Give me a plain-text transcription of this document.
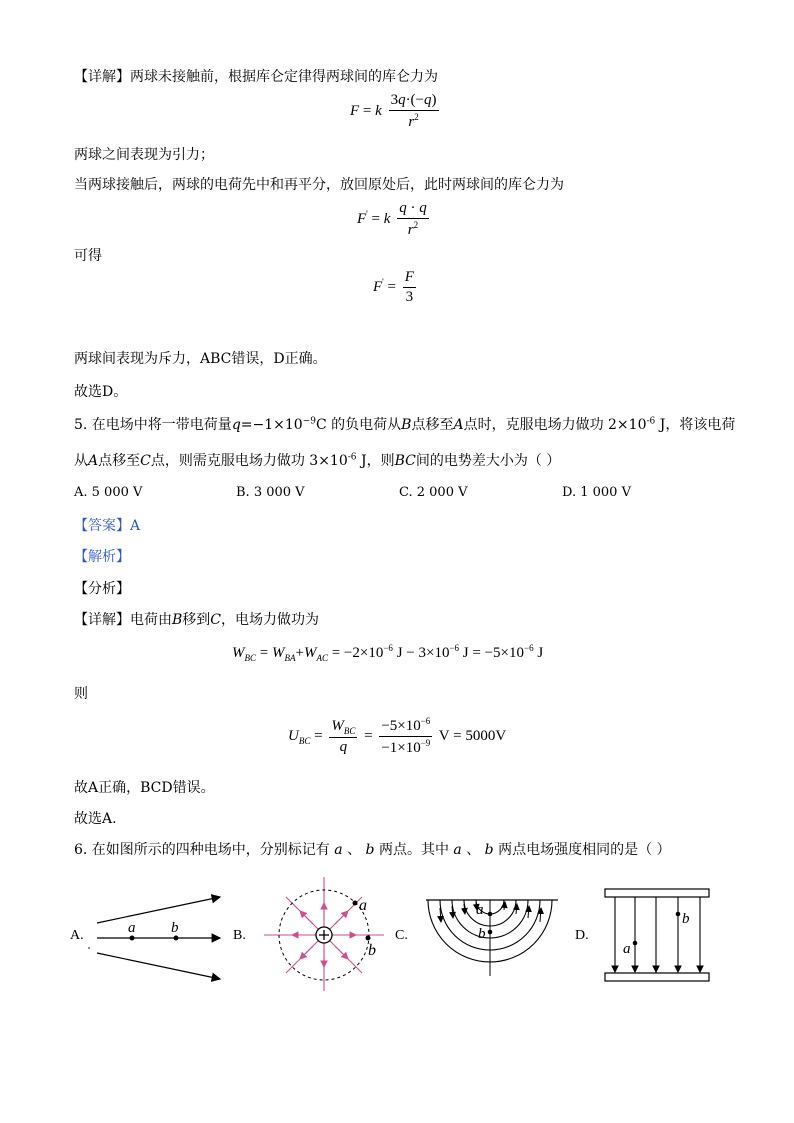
【详解】两球未接触前，根据库仑定律得两球间的库仑力为
F = k $\frac{3q\cdot(-q)}{r^2}$
两球之间表现为引力；
当两球接触后，两球的电荷先中和再平分，放回原处后，此时两球间的库仑力为
F' = k $\frac{q \cdot q}{r^2}$
可得
$F' = \frac{F}{3}$
两球间表现为斥力，ABC错误，D正确。
故选D。
5. 在电场中将一带电荷量$q=-1\times 10^{-9}C$ 的负电荷从B点移至A点时，克服电场力做功 $2\times 10^{-6}$ J，将该电荷
从A点移至C点，则需克服电场力做功 $3\times 10^{-6}$ J，则BC间的电势差大小为（ ）
A. 5 000 V	B. 3 000 V	C. 2 000 V	D. 1 000 V
【答案】A
【解析】
【分析】
【详解】电荷由B移到C，电场力做功为
$W_{BC} = W_{BA}+W_{AC} = -2\times 10^{-6}$ $J - 3\times 10^{-6}$ $J = -5\times 10^{-6}$ J
则
$U_{BC} = \frac{W_{BC}}{q} = \frac{-5\times 10^{-6}}{-1\times 10^{-9}}$ V = 5000V
故A正确，BCD错误。
故选A.
6. 在如图所示的四种电场中，分别标记有 a 、 b 两点。其中 a 、 b 两点电场强度相同的是（ ）
A.	B.	C.	D.
a b
a
b
a
b
a
b
